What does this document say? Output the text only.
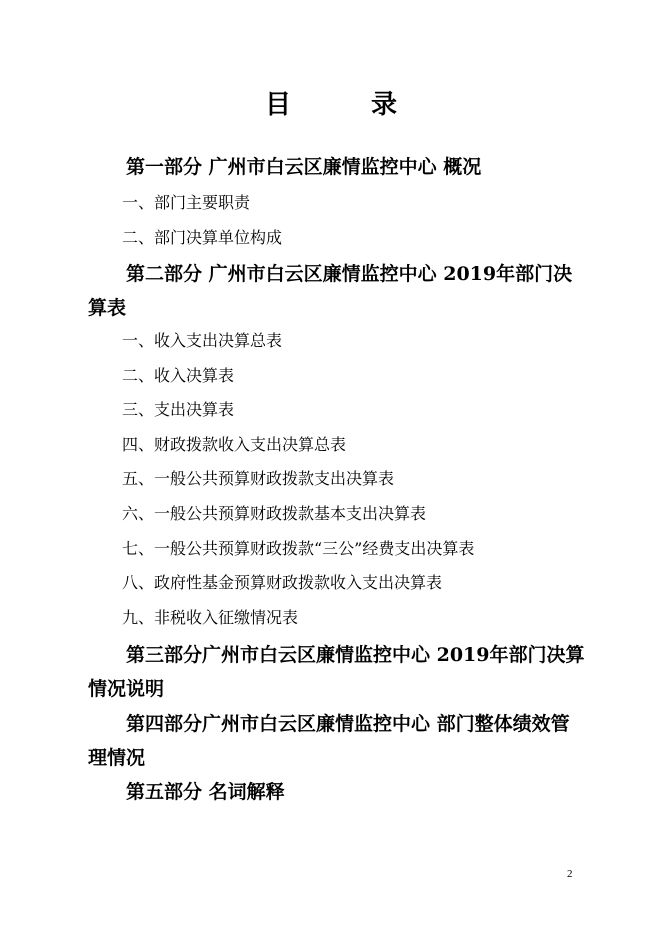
目	录

第一部分 广州市白云区廉情监控中心 概况

一、部门主要职责

二、部门决算单位构成

第二部分 广州市白云区廉情监控中心 2019年部门决算表

一、收入支出决算总表

二、收入决算表

三、支出决算表

四、财政拨款收入支出决算总表

五、一般公共预算财政拨款支出决算表

六、一般公共预算财政拨款基本支出决算表

七、一般公共预算财政拨款“三公”经费支出决算表

八、政府性基金预算财政拨款收入支出决算表

九、非税收入征缴情况表

第三部分广州市白云区廉情监控中心 2019年部门决算情况说明

第四部分广州市白云区廉情监控中心 部门整体绩效管理情况

第五部分 名词解释

2
